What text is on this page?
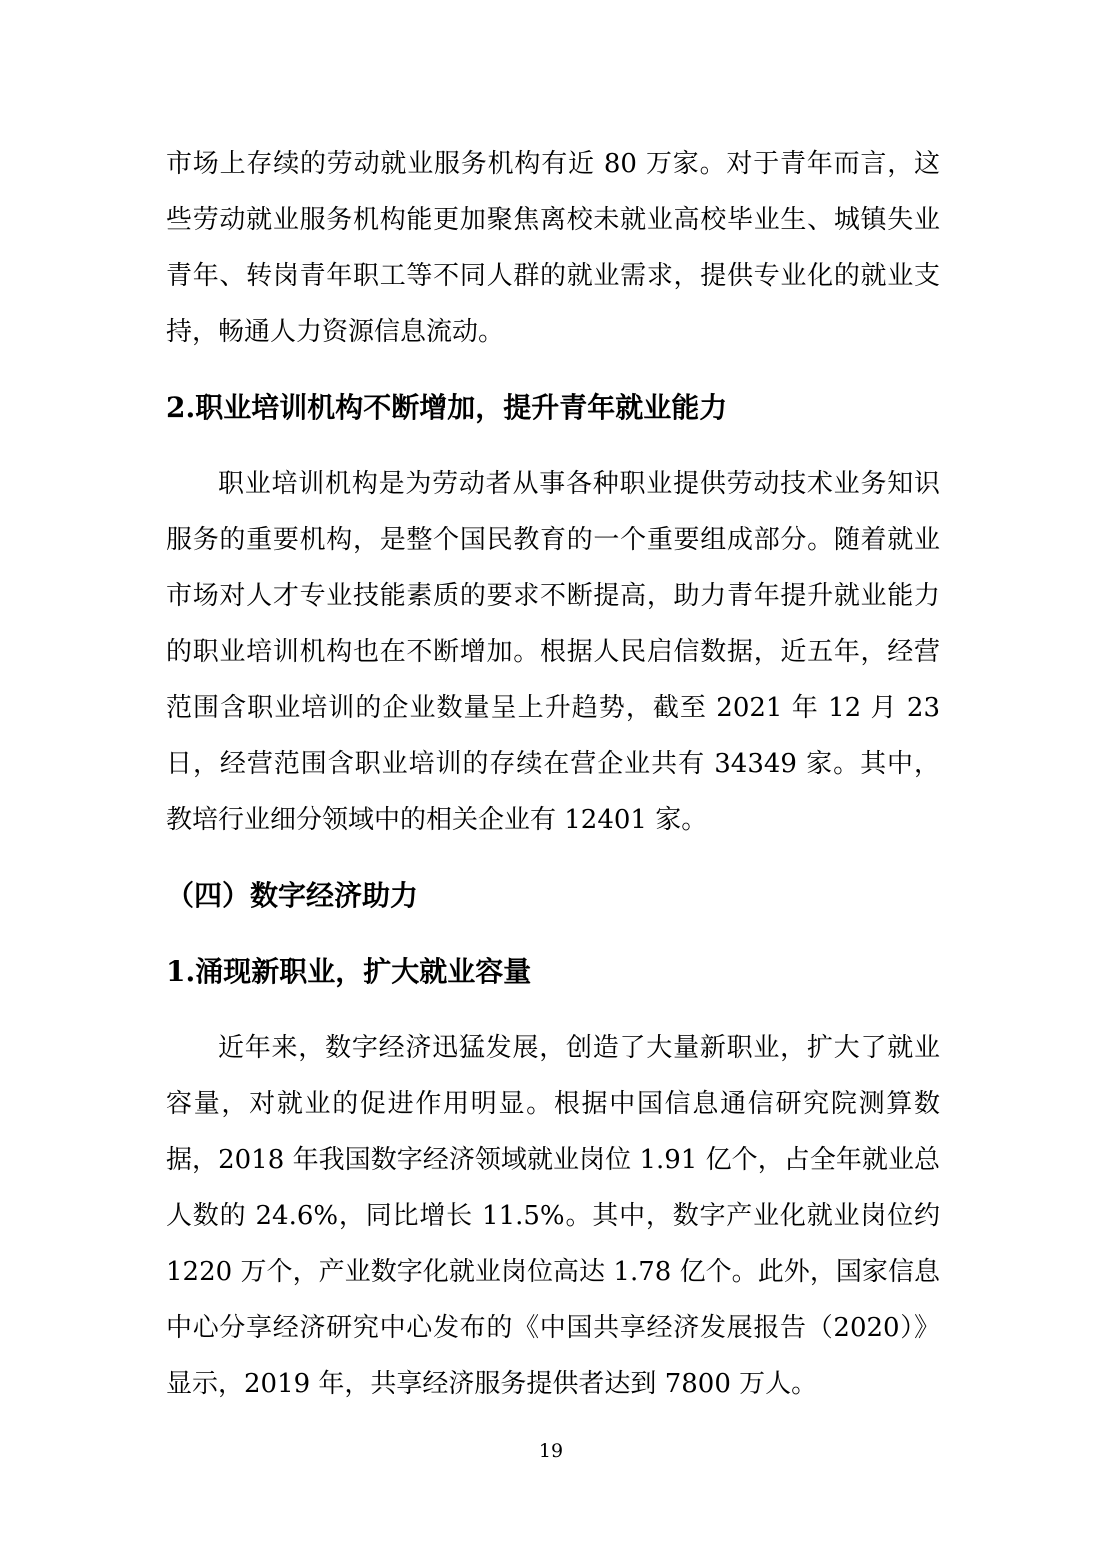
市场上存续的劳动就业服务机构有近 80 万家。对于青年而言，这些劳动就业服务机构能更加聚焦离校未就业高校毕业生、城镇失业青年、转岗青年职工等不同人群的就业需求，提供专业化的就业支持，畅通人力资源信息流动。

2.职业培训机构不断增加，提升青年就业能力

职业培训机构是为劳动者从事各种职业提供劳动技术业务知识服务的重要机构，是整个国民教育的一个重要组成部分。随着就业市场对人才专业技能素质的要求不断提高，助力青年提升就业能力的职业培训机构也在不断增加。根据人民启信数据，近五年，经营范围含职业培训的企业数量呈上升趋势，截至 2021 年 12 月 23 日，经营范围含职业培训的存续在营企业共有 34349 家。其中，教培行业细分领域中的相关企业有 12401 家。

（四）数字经济助力
1.涌现新职业，扩大就业容量

近年来，数字经济迅猛发展，创造了大量新职业，扩大了就业容量，对就业的促进作用明显。根据中国信息通信研究院测算数据，2018 年我国数字经济领域就业岗位 1.91 亿个，占全年就业总人数的 24.6%，同比增长 11.5%。其中，数字产业化就业岗位约 1220 万个，产业数字化就业岗位高达 1.78 亿个。此外，国家信息中心分享经济研究中心发布的《中国共享经济发展报告（2020）》显示，2019 年，共享经济服务提供者达到 7800 万人。

19
